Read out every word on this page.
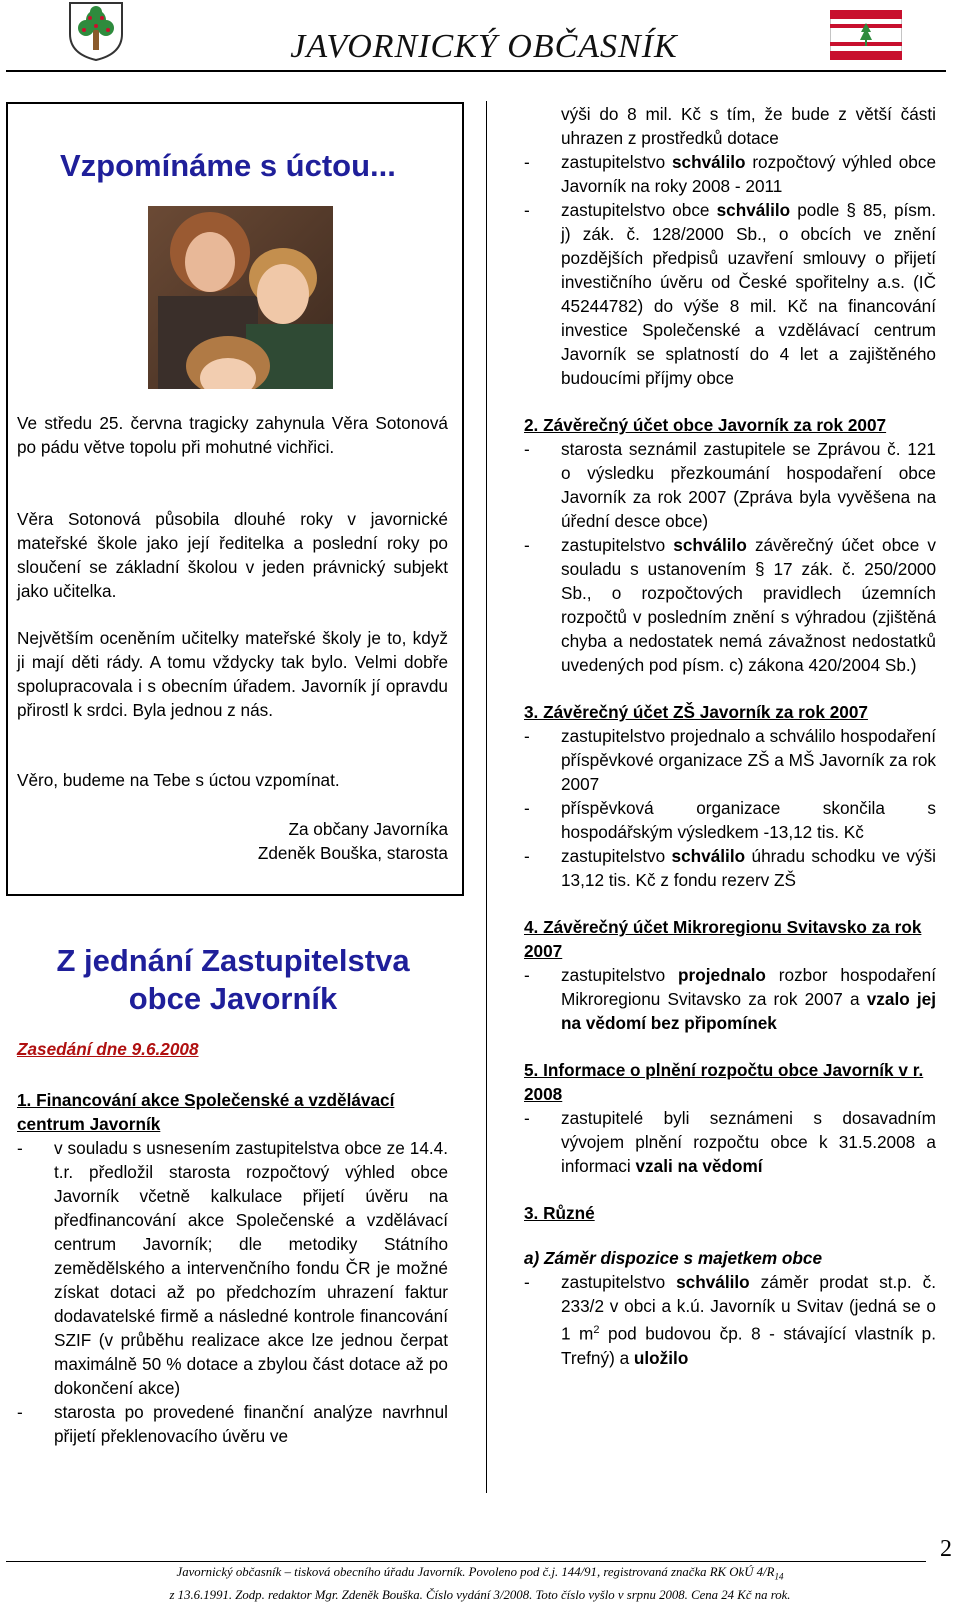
JAVORNICKÝ OBČASNÍK
Vzpomínáme s úctou...
Ve středu 25. června tragicky zahynula Věra Sotonová po pádu větve topolu při mohutné vichřici.
Věra Sotonová působila dlouhé roky v javornické mateřské škole jako její ředitelka a poslední roky po sloučení se základní školou v jeden právnický subjekt jako učitelka.
Největším oceněním učitelky mateřské školy je to, když ji mají děti rády. A tomu vždycky tak bylo. Velmi dobře spolupracovala i s obecním úřadem. Javorník jí opravdu přirostl k srdci. Byla jednou z nás.
Věro, budeme na Tebe s úctou vzpomínat.
Za občany Javorníka
Zdeněk Bouška, starosta
Z jednání Zastupitelstva
obce Javorník
Zasedání dne 9.6.2008
1. Financování akce Společenské a vzdělávací centrum Javorník
-	v souladu s usnesením zastupitelstva obce ze 14.4. t.r. předložil starosta rozpočtový výhled obce Javorník včetně kalkulace přijetí úvěru na předfinancování akce Společenské a vzdělávací centrum Javorník; dle metodiky Státního zemědělského a intervenčního fondu ČR je možné získat dotaci až po předchozím uhrazení faktur dodavatelské firmě a následné kontrole financování SZIF (v průběhu realizace akce lze jednou čerpat maximálně 50 % dotace a zbylou část dotace až po dokončení akce)
-	starosta po provedené finanční analýze navrhnul přijetí překlenovacího úvěru ve
výši do 8 mil. Kč s tím, že bude z větší části uhrazen z prostředků dotace
-	zastupitelstvo schválilo rozpočtový výhled obce Javorník na roky 2008 - 2011
-	zastupitelstvo obce schválilo podle § 85, písm. j) zák. č. 128/2000 Sb., o obcích ve znění pozdějších předpisů uzavření smlouvy o přijetí investičního úvěru od České spořitelny a.s. (IČ 45244782) do výše 8 mil. Kč na financování investice Společenské a vzdělávací centrum Javorník se splatností do 4 let a zajištěného budoucími příjmy obce
2. Závěrečný účet obce Javorník za rok 2007
-	starosta seznámil zastupitele se Zprávou č. 121 o výsledku přezkoumání hospodaření obce Javorník za rok 2007 (Zpráva byla vyvěšena na úřední desce obce)
-	zastupitelstvo schválilo závěrečný účet obce v souladu s ustanovením § 17 zák. č. 250/2000 Sb., o rozpočtových pravidlech územních rozpočtů v posledním znění s výhradou (zjištěná chyba a nedostatek nemá závažnost nedostatků uvedených pod písm. c) zákona 420/2004 Sb.)
3. Závěrečný účet ZŠ Javorník za rok 2007
-	zastupitelstvo projednalo a schválilo hospodaření příspěvkové organizace ZŠ a MŠ Javorník za rok 2007
-	příspěvková organizace skončila s hospodářským výsledkem -13,12 tis. Kč
-	zastupitelstvo schválilo úhradu schodku ve výši 13,12 tis. Kč z fondu rezerv ZŠ
4. Závěrečný účet Mikroregionu Svitavsko za rok 2007
-	zastupitelstvo projednalo rozbor hospodaření Mikroregionu Svitavsko za rok 2007 a vzalo jej na vědomí bez připomínek
5. Informace o plnění rozpočtu obce Javorník v r. 2008
-	zastupitelé byli seznámeni s dosavadním vývojem plnění rozpočtu obce k 31.5.2008 a informaci vzali na vědomí
3. Různé
a) Záměr dispozice s majetkem obce
-	zastupitelstvo schválilo záměr prodat st.p. č. 233/2 v obci a k.ú. Javorník u Svitav (jedná se o 1 $m^2$ pod budovou čp. 8 - stávající vlastník p. Trefný) a uložilo
2
Javornický občasník – tisková obecního úřadu Javorník. Povoleno pod č.j. 144/91, registrovaná značka RK OkÚ $4/R_{14}$
z 13.6.1991. Zodp. redaktor Mgr. Zdeněk Bouška. Číslo vydání 3/2008. Toto číslo vyšlo v srpnu 2008. Cena 24 Kč na rok.
